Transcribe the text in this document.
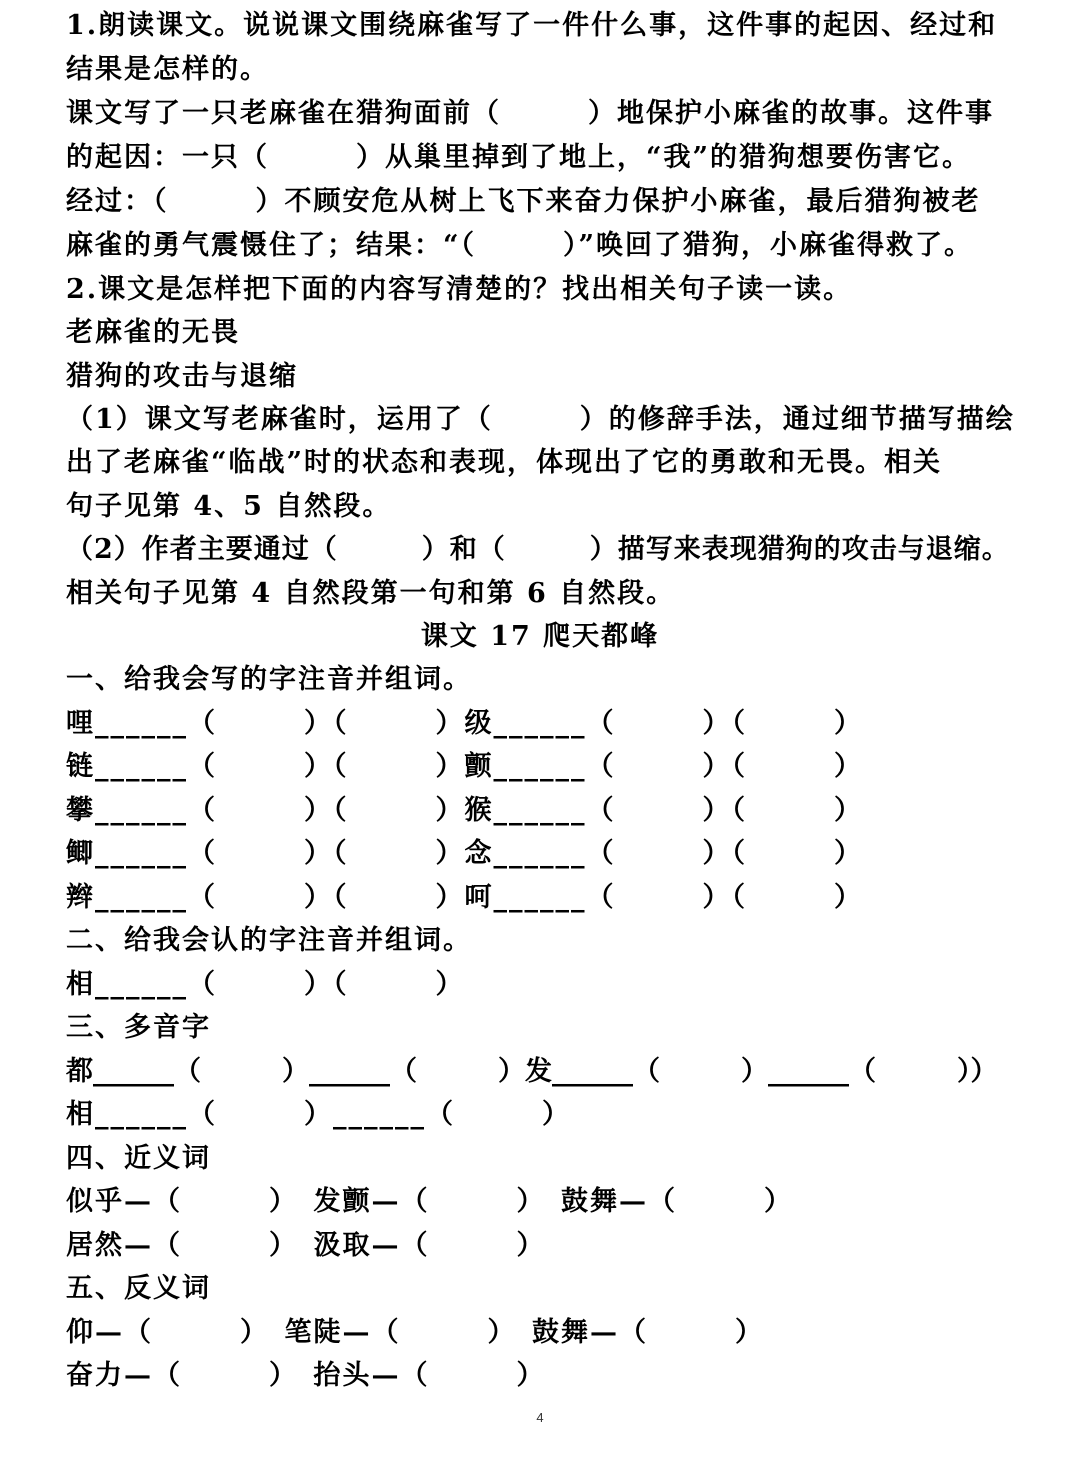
1.朗读课文。说说课文围绕麻雀写了一件什么事，这件事的起因、经过和
结果是怎样的。
课文写了一只老麻雀在猎狗面前（　　　）地保护小麻雀的故事。这件事
的起因：一只（　　　）从巢里掉到了地上，“我”的猎狗想要伤害它。
经过：（　　　）不顾安危从树上飞下来奋力保护小麻雀，最后猎狗被老
麻雀的勇气震慑住了；结果：“（　　　）”唤回了猎狗，小麻雀得救了。
2.课文是怎样把下面的内容写清楚的？找出相关句子读一读。
老麻雀的无畏
猎狗的攻击与退缩
（1）课文写老麻雀时，运用了（　　　）的修辞手法，通过细节描写描绘
出了老麻雀“临战”时的状态和表现，体现出了它的勇敢和无畏。相关
句子见第 4、5 自然段。
（2）作者主要通过（　　　）和（　　　）描写来表现猎狗的攻击与退缩。
相关句子见第 4 自然段第一句和第 6 自然段。
课文 17 爬天都峰
一、给我会写的字注音并组词。
哩______（　　　）（　　　）级______（　　　）（　　　）
链______（　　　）（　　　）颤______（　　　）（　　　）
攀______（　　　）（　　　）猴______（　　　）（　　　）
鲫______（　　　）（　　　）念______（　　　）（　　　）
辫______（　　　）（　　　）呵______（　　　）（　　　）
二、给我会认的字注音并组词。
相______（　　　）（　　　）
三、多音字
都______（　　　）______（　　　）发______（　　　）______（　　　））
相______（　　　）______（　　　）
四、近义词
似乎—（　　　）　发颤—（　　　）　鼓舞—（　　　）
居然—（　　　）　汲取—（　　　）
五、反义词
仰—（　　　）　笔陡—（　　　）　鼓舞—（　　　）
奋力—（　　　）　抬头—（　　　）
4
